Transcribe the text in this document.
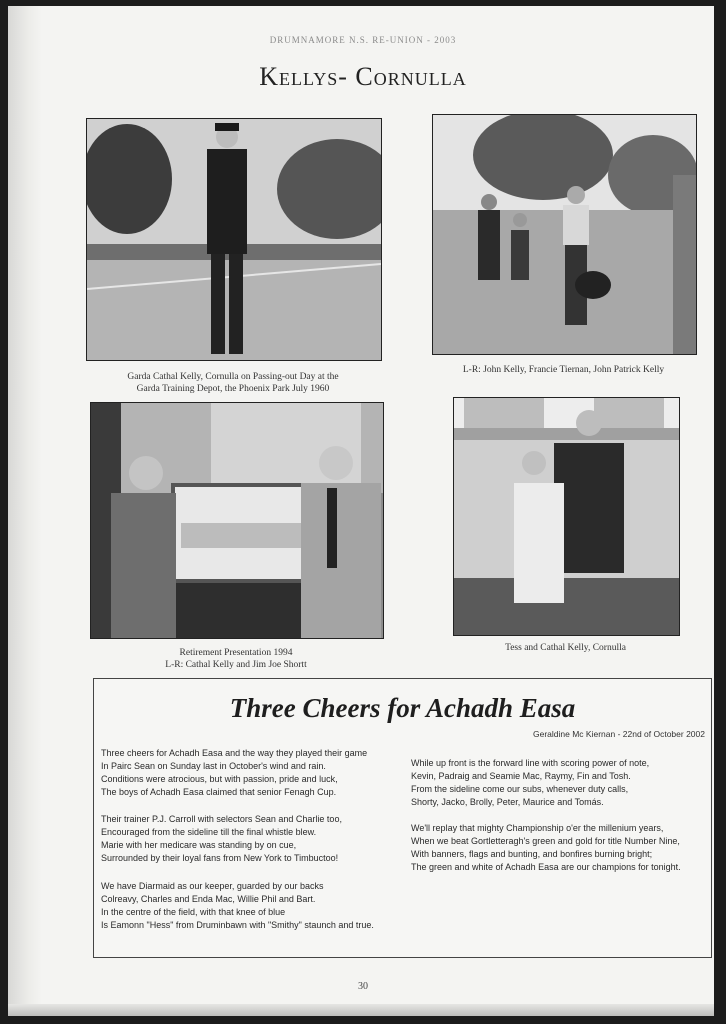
DRUMNAMORE N.S. RE-UNION - 2003
Kellys- Cornulla
Garda Cathal Kelly, Cornulla on Passing-out Day at the
Garda Training Depot, the Phoenix Park July 1960
L-R: John Kelly, Francie Tiernan, John Patrick Kelly
Retirement Presentation 1994
L-R: Cathal Kelly and Jim Joe Shortt
Tess and Cathal Kelly, Cornulla
Three Cheers for Achadh Easa
Geraldine Mc Kiernan - 22nd of October 2002
Three cheers for Achadh Easa and the way they played their game
In Pairc Sean on Sunday last in October's wind and rain.
Conditions were atrocious, but with passion, pride and luck,
The boys of Achadh Easa claimed that senior Fenagh Cup.
Their trainer P.J. Carroll with selectors Sean and Charlie too,
Encouraged from the sideline till the final whistle blew.
Marie with her medicare was standing by on cue,
Surrounded by their loyal fans from New York to Timbuctoo!
We have Diarmaid as our keeper, guarded by our backs
Colreavy, Charles and Enda Mac, Willie Phil and Bart.
In the centre of the field, with that knee of blue
Is Eamonn "Hess" from Druminbawn with "Smithy" staunch and true.
While up front is the forward line with scoring power of note,
Kevin, Padraig and Seamie Mac, Raymy, Fin and Tosh.
From the sideline come our subs, whenever duty calls,
Shorty, Jacko, Brolly, Peter, Maurice and Tomás.
We'll replay that mighty Championship o'er the millenium years,
When we beat Gortletteragh's green and gold for title Number Nine,
With banners, flags and bunting, and bonfires burning bright;
The green and white of Achadh Easa are our champions for tonight.
30
